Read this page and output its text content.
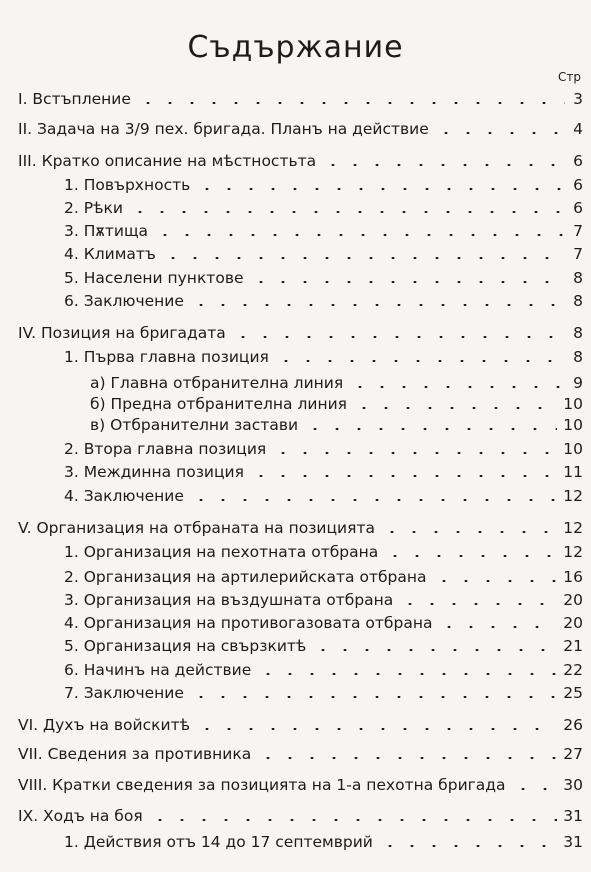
Съдържание
Стр
I. Встъпление	3
II. Задача на 3/9 пех. бригада. Планъ на действие	4
III. Кратко описание на мѣстностьта	6
1. Повърхность	6
2. Рѣки	6
3. Пѫтища	7
4. Климатъ	7
5. Населени пунктове	8
6. Заключение	8
IV. Позиция на бригадата	8
1. Първа главна позиция	8
а) Главна отбранителна линия	9
б) Предна отбранителна линия	10
в) Отбранителни застави	10
2. Втора главна позиция	10
3. Междинна позиция	11
4. Заключение	12
V. Организация на отбраната на позицията	12
1. Организация на пехотната отбрана	12
2. Организация на артилерийската отбрана	16
3. Организация на въздушната отбрана	20
4. Организация на противогазовата отбрана	20
5. Организация на свързкитѣ	21
6. Начинъ на действие	22
7. Заключение	25
VI. Духъ на войскитѣ	26
VII. Сведения за противника	27
VIII. Кратки сведения за позицията на 1-а пехотна бригада	30
IX. Ходъ на боя	31
1. Действия отъ 14 до 17 септемврий	31
